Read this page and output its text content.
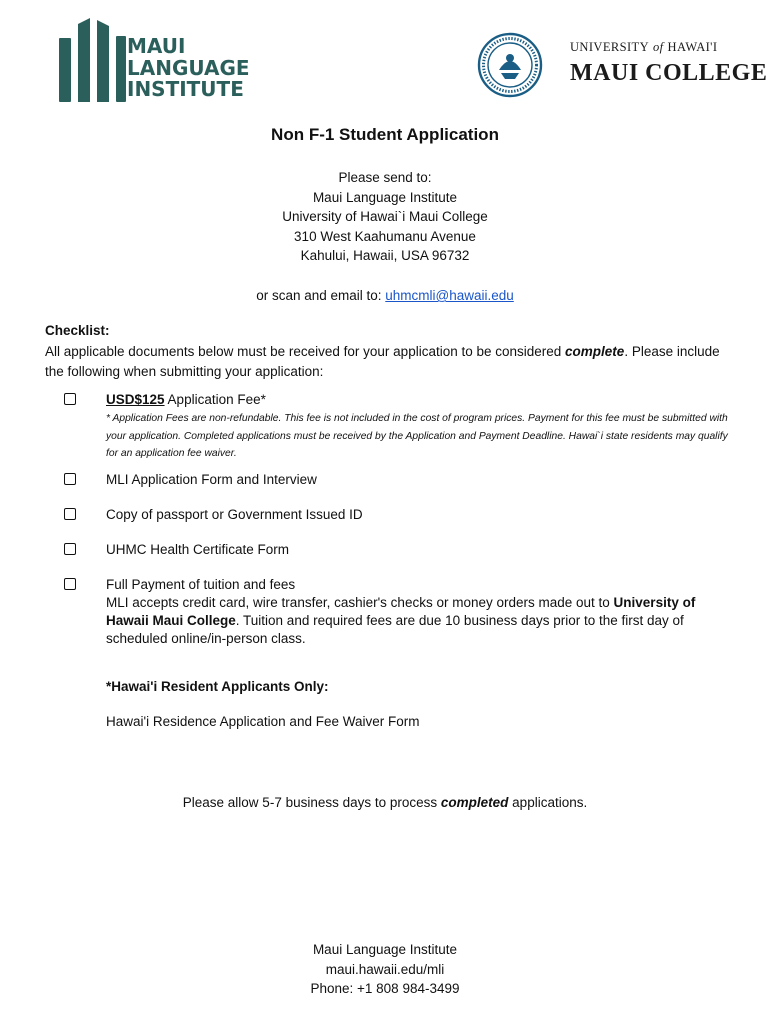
MAUI
LANGUAGE
INSTITUTE
UNIVERSITY of HAWAI'I
MAUI COLLEGE
Non F-1 Student Application
Please send to:
Maui Language Institute
University of Hawai`i Maui College
310 West Kaahumanu Avenue
Kahului, Hawaii, USA 96732
or scan and email to: uhmcmli@hawaii.edu
Checklist:
All applicable documents below must be received for your application to be considered complete. Please include the following when submitting your application:
USD$125 Application Fee*
* Application Fees are non-refundable. This fee is not included in the cost of program prices. Payment for this fee must be submitted with your application. Completed applications must be received by the Application and Payment Deadline. Hawai`i state residents may qualify for an application fee waiver.
MLI Application Form and Interview
Copy of passport or Government Issued ID
UHMC Health Certificate Form
Full Payment of tuition and fees
MLI accepts credit card, wire transfer, cashier's checks or money orders made out to University of Hawaii Maui College. Tuition and required fees are due 10 business days prior to the first day of scheduled online/in-person class.
*Hawai'i Resident Applicants Only:
Hawai'i Residence Application and Fee Waiver Form
Please allow 5-7 business days to process completed applications.
Maui Language Institute
maui.hawaii.edu/mli
Phone: +1 808 984-3499
